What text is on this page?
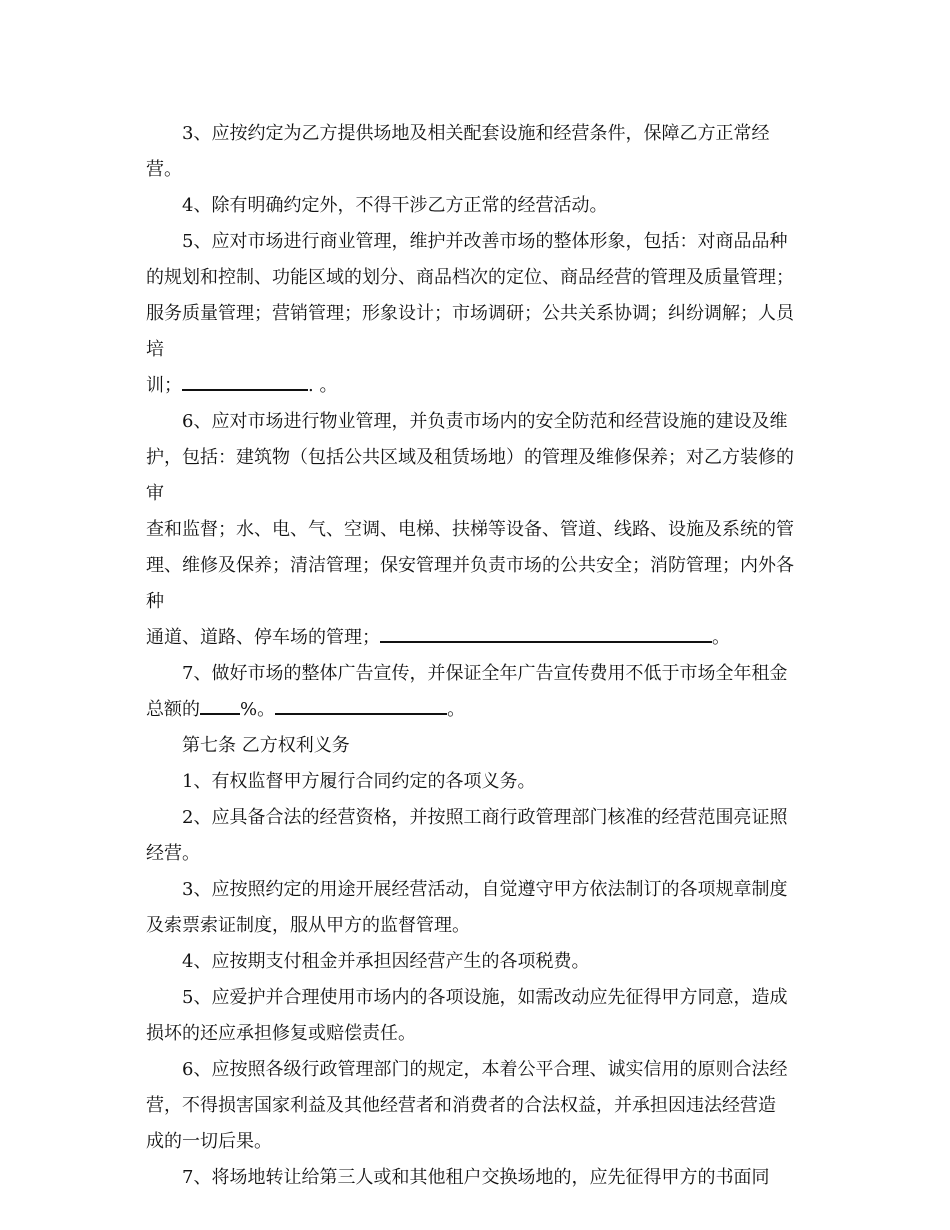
3、应按约定为乙方提供场地及相关配套设施和经营条件，保障乙方正常经
营。

4、除有明确约定外，不得干涉乙方正常的经营活动。

5、应对市场进行商业管理，维护并改善市场的整体形象，包括：对商品品种
的规划和控制、功能区域的划分、商品档次的定位、商品经营的管理及质量管理；
服务质量管理；营销管理；形象设计；市场调研；公共关系协调；纠纷调解；人员培
训；	. 。

6、应对市场进行物业管理，并负责市场内的安全防范和经营设施的建设及维
护，包括：建筑物（包括公共区域及租赁场地）的管理及维修保养；对乙方装修的审
查和监督；水、电、气、空调、电梯、扶梯等设备、管道、线路、设施及系统的管
理、维修及保养；清洁管理；保安管理并负责市场的公共安全；消防管理；内外各种
通道、道路、停车场的管理；	。

7、做好市场的整体广告宣传，并保证全年广告宣传费用不低于市场全年租金
总额的 %。	。

第七条 乙方权利义务

1、有权监督甲方履行合同约定的各项义务。

2、应具备合法的经营资格，并按照工商行政管理部门核准的经营范围亮证照
经营。

3、应按照约定的用途开展经营活动，自觉遵守甲方依法制订的各项规章制度
及索票索证制度，服从甲方的监督管理。

4、应按期支付租金并承担因经营产生的各项税费。

5、应爱护并合理使用市场内的各项设施，如需改动应先征得甲方同意，造成
损坏的还应承担修复或赔偿责任。

6、应按照各级行政管理部门的规定，本着公平合理、诚实信用的原则合法经
营，不得损害国家利益及其他经营者和消费者的合法权益，并承担因违法经营造
成的一切后果。

7、将场地转让给第三人或和其他租户交换场地的，应先征得甲方的书面同
